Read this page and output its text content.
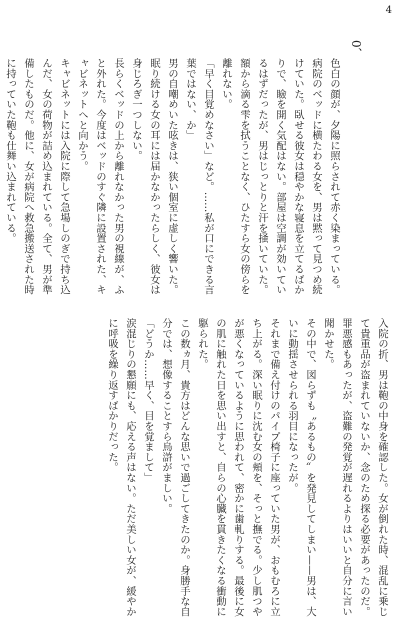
4
0、
色白の顔が、夕陽に照らされて赤く染まっている。
病院のベッドに横たわる女を、男は黙って見つめ続けていた。臥せる彼女は穏やかな寝息を立てるばかりで、瞼を開く気配はない。部屋は空調が効いているはずだったが、男はじっとりと汗を掻いていた。額から滴る雫を拭うことなく、ひたすら女の傍らを離れない。
「早く目覚めなさい」など。……私が口にできる言葉ではない、か」
男の自嘲めいた呟きは、狭い個室に虚しく響いた。眠り続ける女の耳には届かなかったらしく、彼女は身じろぎ一つしない。
長らくベッドの上から離れなかった男の視線が、ふと外れた。今度はベッドのすぐ隣に設置された、キャビネットへと向かう。
キャビネットには入院に際して急場しのぎで持ち込んだ、女の荷物が詰め込まれている。全て、男が準備したものだ。他に、女が病院へ救急搬送された時に持っていた鞄も仕舞い込まれている。
入院の折、男は鞄の中身を確認した。女が倒れた時、混乱に乗じて貴重品が盗まれていないか、念のため探る必要があったのだ。罪悪感もあったが、盗難の発覚が遅れるよりはいいと自分に言い聞かせた。
その中で、図らずも〝あるもの〟を発見してしまい——男は、大いに動揺させられる羽目になったが。
それまで備え付けのパイプ椅子に座っていた男が、おもむろに立ち上がる。深い眠りに沈む女の頬を、そっと撫でる。少し肌つやが悪くなっているように思われて、密かに歯軋りする。最後に女の肌に触れた日を思い出すと、自らの心臓を貫きたくなる衝動に駆られた。
この数ヵ月、貴方はどんな思いで過ごしてきたのか。身勝手な自分では、想像することすら烏滸がましい。
「どうか……早く、目を覚まして」
涙混じりの懇願にも、応える声はない。ただ美しい女が、緩やかに呼吸を繰り返すばかりだった。
